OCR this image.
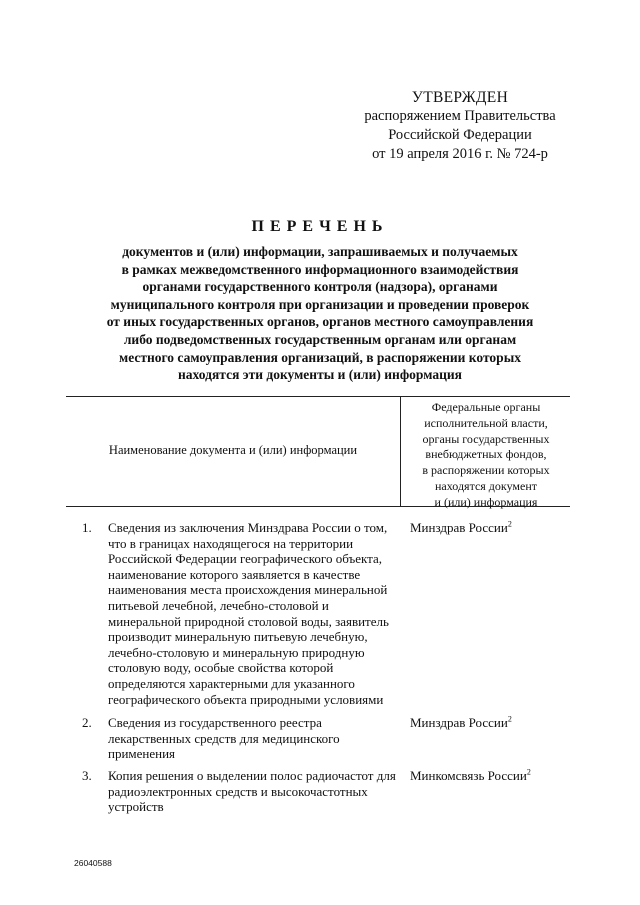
УТВЕРЖДЕН
распоряжением Правительства
Российской Федерации
от 19 апреля 2016 г. № 724-р
ПЕРЕЧЕНЬ
документов и (или) информации, запрашиваемых и получаемых
в рамках межведомственного информационного взаимодействия
органами государственного контроля (надзора), органами
муниципального контроля при организации и проведении проверок
от иных государственных органов, органов местного самоуправления
либо подведомственных государственным органам или органам
местного самоуправления организаций, в распоряжении которых
находятся эти документы и (или) информация
Наименование документа и (или) информации
Федеральные органы
исполнительной власти,
органы государственных
внебюджетных фондов,
в распоряжении которых
находятся документ
и (или) информация
1. Сведения из заключения Минздрава России о том,
что в границах находящегося на территории
Российской Федерации географического объекта,
наименование которого заявляется в качестве
наименования места происхождения минеральной
питьевой лечебной, лечебно-столовой и
минеральной природной столовой воды, заявитель
производит минеральную питьевую лечебную,
лечебно-столовую и минеральную природную
столовую воду, особые свойства которой
определяются характерными для указанного
географического объекта природными условиями
Минздрав России$^2$
2. Сведения из государственного реестра
лекарственных средств для медицинского
применения
Минздрав России$^2$
3. Копия решения о выделении полос радиочастот для
радиоэлектронных средств и высокочастотных
устройств
Минкомсвязь России$^2$
26040588
